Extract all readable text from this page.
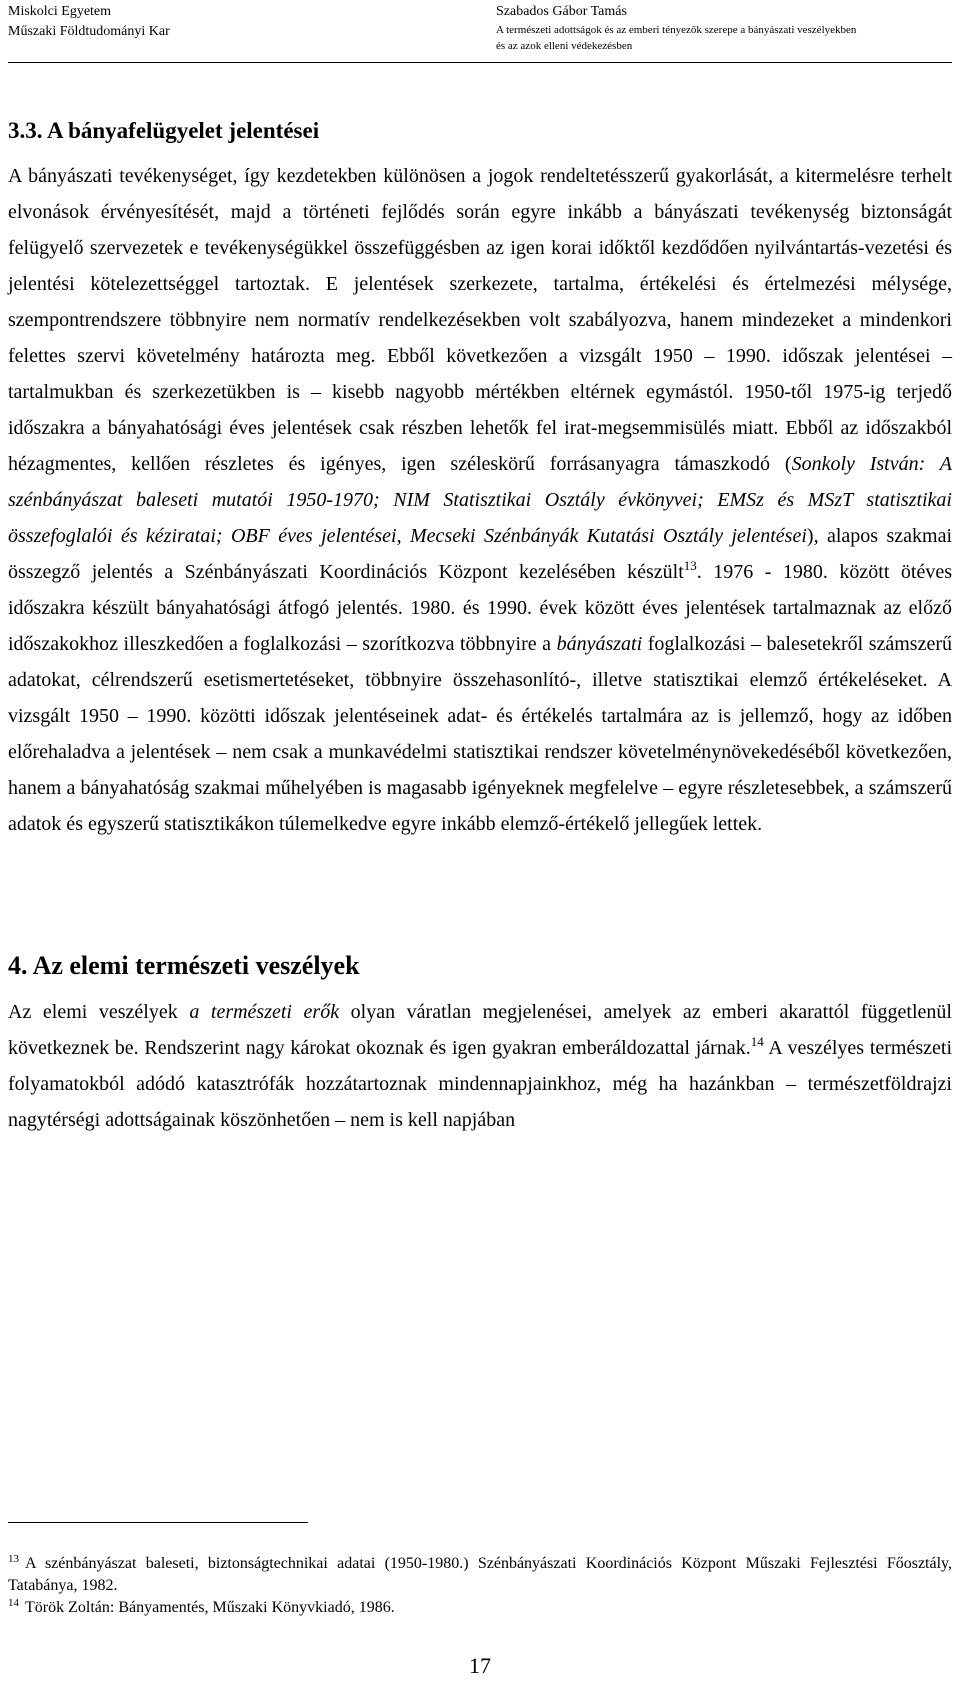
Miskolci Egyetem
Műszaki Földtudományi Kar
Szabados Gábor Tamás
A természeti adottságok és az emberi tényezők szerepe a bányászati veszélyekben
és az azok elleni védekezésben
3.3. A bányafelügyelet jelentései

A bányászati tevékenységet, így kezdetekben különösen a jogok rendeltetésszerű gyakorlását, a kitermelésre terhelt elvonások érvényesítését, majd a történeti fejlődés során egyre inkább a bányászati tevékenység biztonságát felügyelő szervezetek e tevékenységükkel összefüggésben az igen korai időktől kezdődően nyilvántartás-vezetési és jelentési kötelezettséggel tartoztak. E jelentések szerkezete, tartalma, értékelési és értelmezési mélysége, szempontrendszere többnyire nem normatív rendelkezésekben volt szabályozva, hanem mindezeket a mindenkori felettes szervi követelmény határozta meg. Ebből következően a vizsgált 1950 – 1990. időszak jelentései – tartalmukban és szerkezetükben is – kisebb nagyobb mértékben eltérnek egymástól. 1950-től 1975-ig terjedő időszakra a bányahatósági éves jelentések csak részben lehetők fel irat-megsemmisülés miatt. Ebből az időszakból hézagmentes, kellően részletes és igényes, igen széleskörű forrásanyagra támaszkodó (Sonkoly István: A szénbányászat baleseti mutatói 1950-1970; NIM Statisztikai Osztály évkönyvei; EMSz és MSzT statisztikai összefoglalói és kéziratai; OBF éves jelentései, Mecseki Szénbányák Kutatási Osztály jelentései), alapos szakmai összegző jelentés a Szénbányászati Koordinációs Központ kezelésében készült$^{13}$. 1976 - 1980. között ötéves időszakra készült bányahatósági átfogó jelentés. 1980. és 1990. évek között éves jelentések tartalmaznak az előző időszakokhoz illeszkedően a foglalkozási – szorítkozva többnyire a bányászati foglalkozási – balesetekről számszerű adatokat, célrendszerű esetismertetéseket, többnyire összehasonlító-, illetve statisztikai elemző értékeléseket. A vizsgált 1950 – 1990. közötti időszak jelentéseinek adat- és értékelés tartalmára az is jellemző, hogy az időben előrehaladva a jelentések – nem csak a munkavédelmi statisztikai rendszer követelménynövekedéséből következően, hanem a bányahatóság szakmai műhelyében is magasabb igényeknek megfelelve – egyre részletesebbek, a számszerű adatok és egyszerű statisztikákon túlemelkedve egyre inkább elemző-értékelő jellegűek lettek.

4. Az elemi természeti veszélyek

Az elemi veszélyek a természeti erők olyan váratlan megjelenései, amelyek az emberi akarattól függetlenül következnek be. Rendszerint nagy károkat okoznak és igen gyakran emberáldozattal járnak.$^{14}$ A veszélyes természeti folyamatokból adódó katasztrófák hozzátartoznak mindennapjainkhoz, még ha hazánkban – természetföldrajzi nagytérségi adottságainak köszönhetően – nem is kell napjában

$^{13}$ A szénbányászat baleseti, biztonságtechnikai adatai (1950-1980.) Szénbányászati Koordinációs Központ Műszaki Fejlesztési Főosztály, Tatabánya, 1982.

$^{14}$ Török Zoltán: Bányamentés, Műszaki Könyvkiadó, 1986.

17
